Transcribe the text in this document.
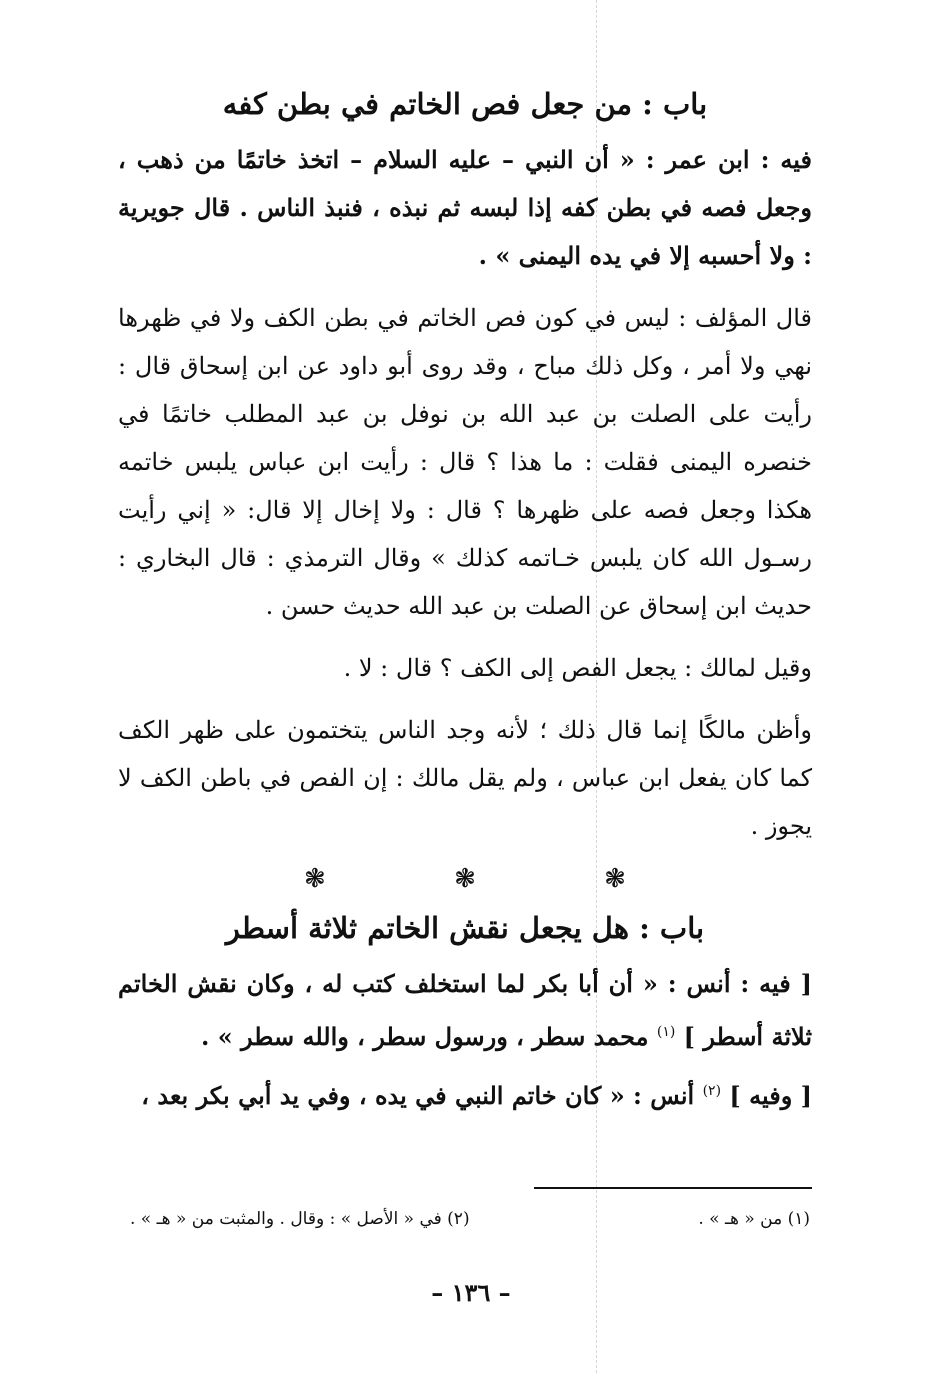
باب : من جعل فص الخاتم في بطن كفه

فيه : ابن عمر : « أن النبي – عليه السلام – اتخذ خاتمًا من ذهب ، وجعل فصه في بطن كفه إذا لبسه ثم نبذه ، فنبذ الناس . قال جويرية : ولا أحسبه إلا في يده اليمنى » .

قال المؤلف : ليس في كون فص الخاتم في بطن الكف ولا في ظهرها نهي ولا أمر ، وكل ذلك مباح ، وقد روى أبو داود عن ابن إسحاق قال : رأيت على الصلت بن عبد الله بن نوفل بن عبد المطلب خاتمًا في خنصره اليمنى فقلت : ما هذا ؟ قال : رأيت ابن عباس يلبس خاتمه هكذا وجعل فصه على ظهرها ؟ قال : ولا إخال إلا قال: « إني رأيت رسـول الله كان يلبس خـاتمه كذلك » وقال الترمذي : قال البخاري : حديث ابن إسحاق عن الصلت بن عبد الله حديث حسن .

وقيل لمالك : يجعل الفص إلى الكف ؟ قال : لا .

وأظن مالكًا إنما قال ذلك ؛ لأنه وجد الناس يتختمون على ظهر الكف كما كان يفعل ابن عباس ، ولم يقل مالك : إن الفص في باطن الكف لا يجوز .

❃ ❃ ❃
باب : هل يجعل نقش الخاتم ثلاثة أسطر

[ فيه : أنس : « أن أبا بكر لما استخلف كتب له ، وكان نقش الخاتم ثلاثة أسطر ] $^{(١)}$ محمد سطر ، ورسول سطر ، والله سطر » .

[ وفيه ] $^{(٢)}$ أنس : « كان خاتم النبي في يده ، وفي يد أبي بكر بعد ،

(١) من « هـ » .
(٢) في « الأصل » : وقال . والمثبت من « هـ » .
– ١٣٦ –
